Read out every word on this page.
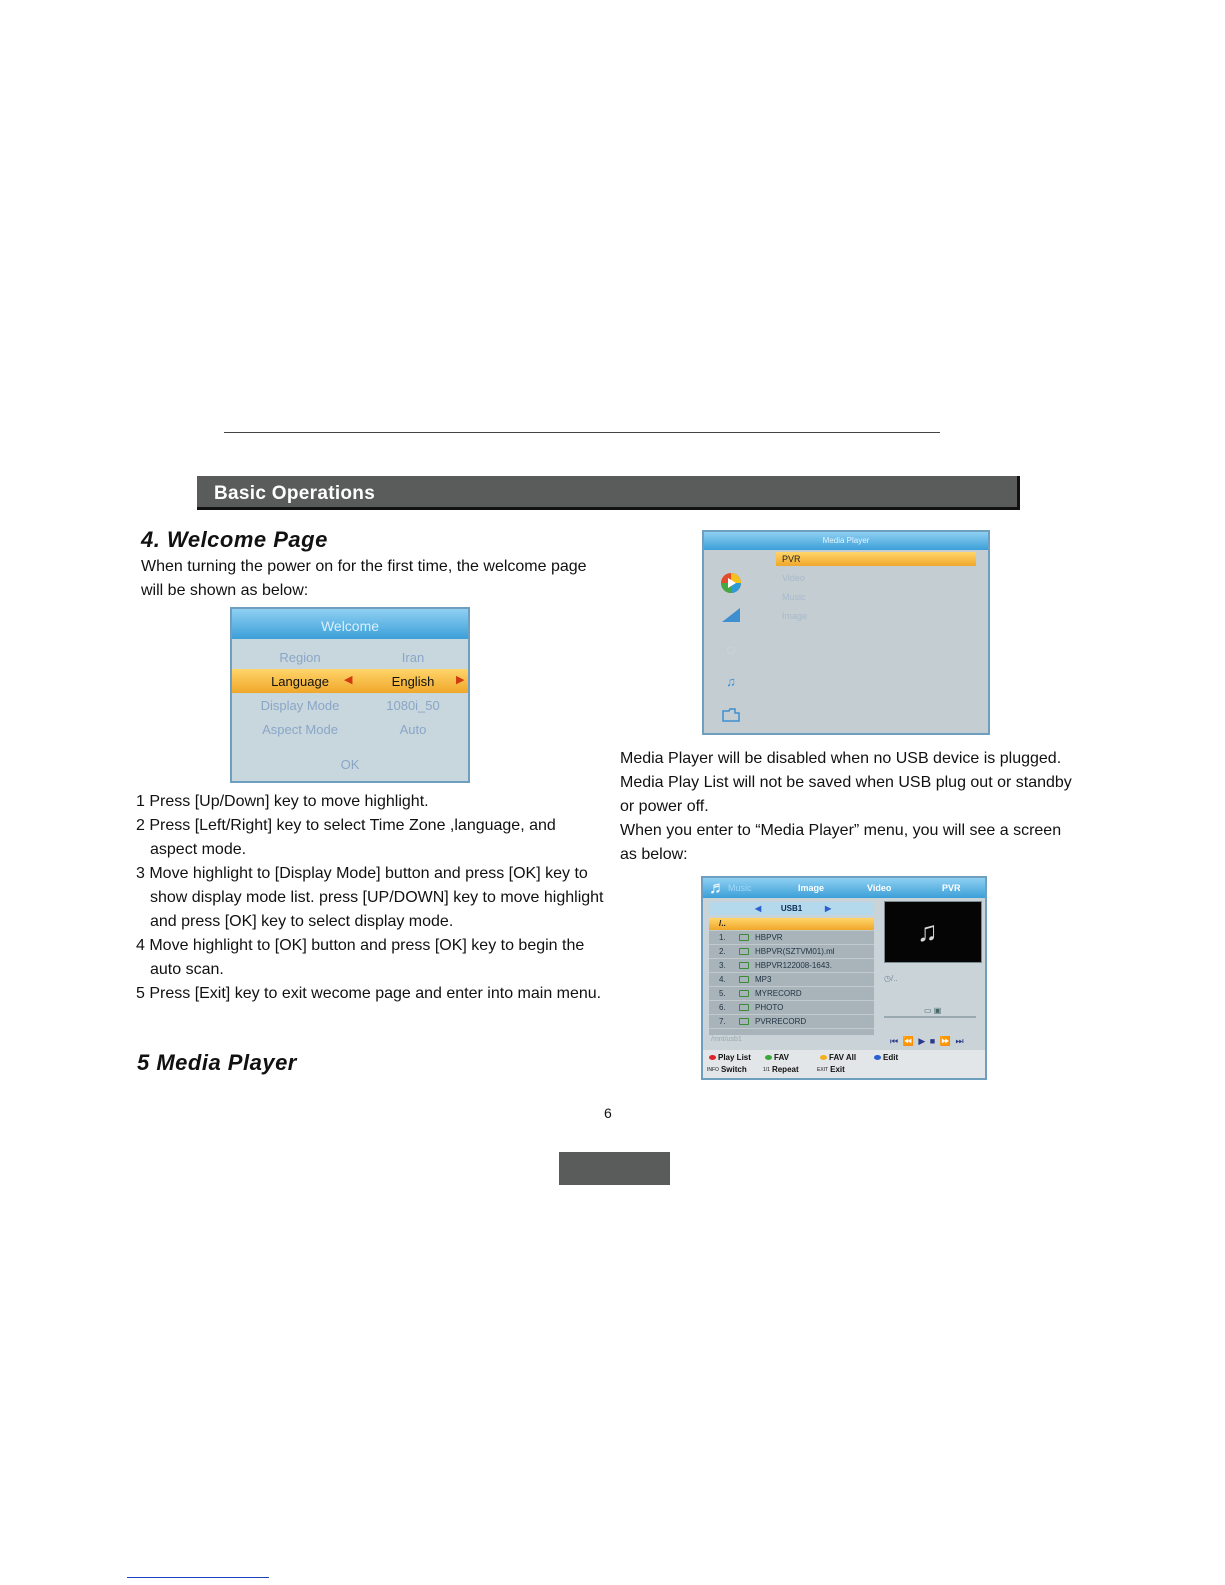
Basic Operations
4. Welcome Page

When turning the power on for the first time, the welcome page will be shown as below:

Welcome
Region	Iran
Language	◀	English	▶
Display Mode	1080i_50
Aspect Mode	Auto
OK

1 Press [Up/Down] key to move highlight.

2 Press [Left/Right] key to select Time Zone ,language, and aspect mode.

3 Move highlight to [Display Mode] button and press [OK] key to show display mode list. press [UP/DOWN] key to move highlight and press [OK] key to select display mode.

4 Move highlight to [OK] button and press [OK] key to begin the auto scan.

5 Press [Exit] key to exit wecome page and enter into main menu.

5 Media Player
Media Player
◌
♫
PVR
Video
Music
Image

Media Player will be disabled when no USB device is plugged. Media Play List will not be saved when USB plug out or standby or power off.

When you enter to “Media Player” menu, you will see a screen as below:

♬ Music	Image	Video	PVR
◀ USB1	▶
/..
1.	HBPVR
2.	HBPVR(SZTVM01).ml
3.	HBPVR122008-1643.
4.	MP3
5.	MYRECORD
6.	PHOTO
7.	PVRRECORD
/mnt/usb1
♫
◷/..
▭ ▣
⏮ ⏪ ▶ ■ ⏩ ⏭
Play List	FAV	FAV All	Edit
INFO Switch	1/1 Repeat	EXIT Exit
6
